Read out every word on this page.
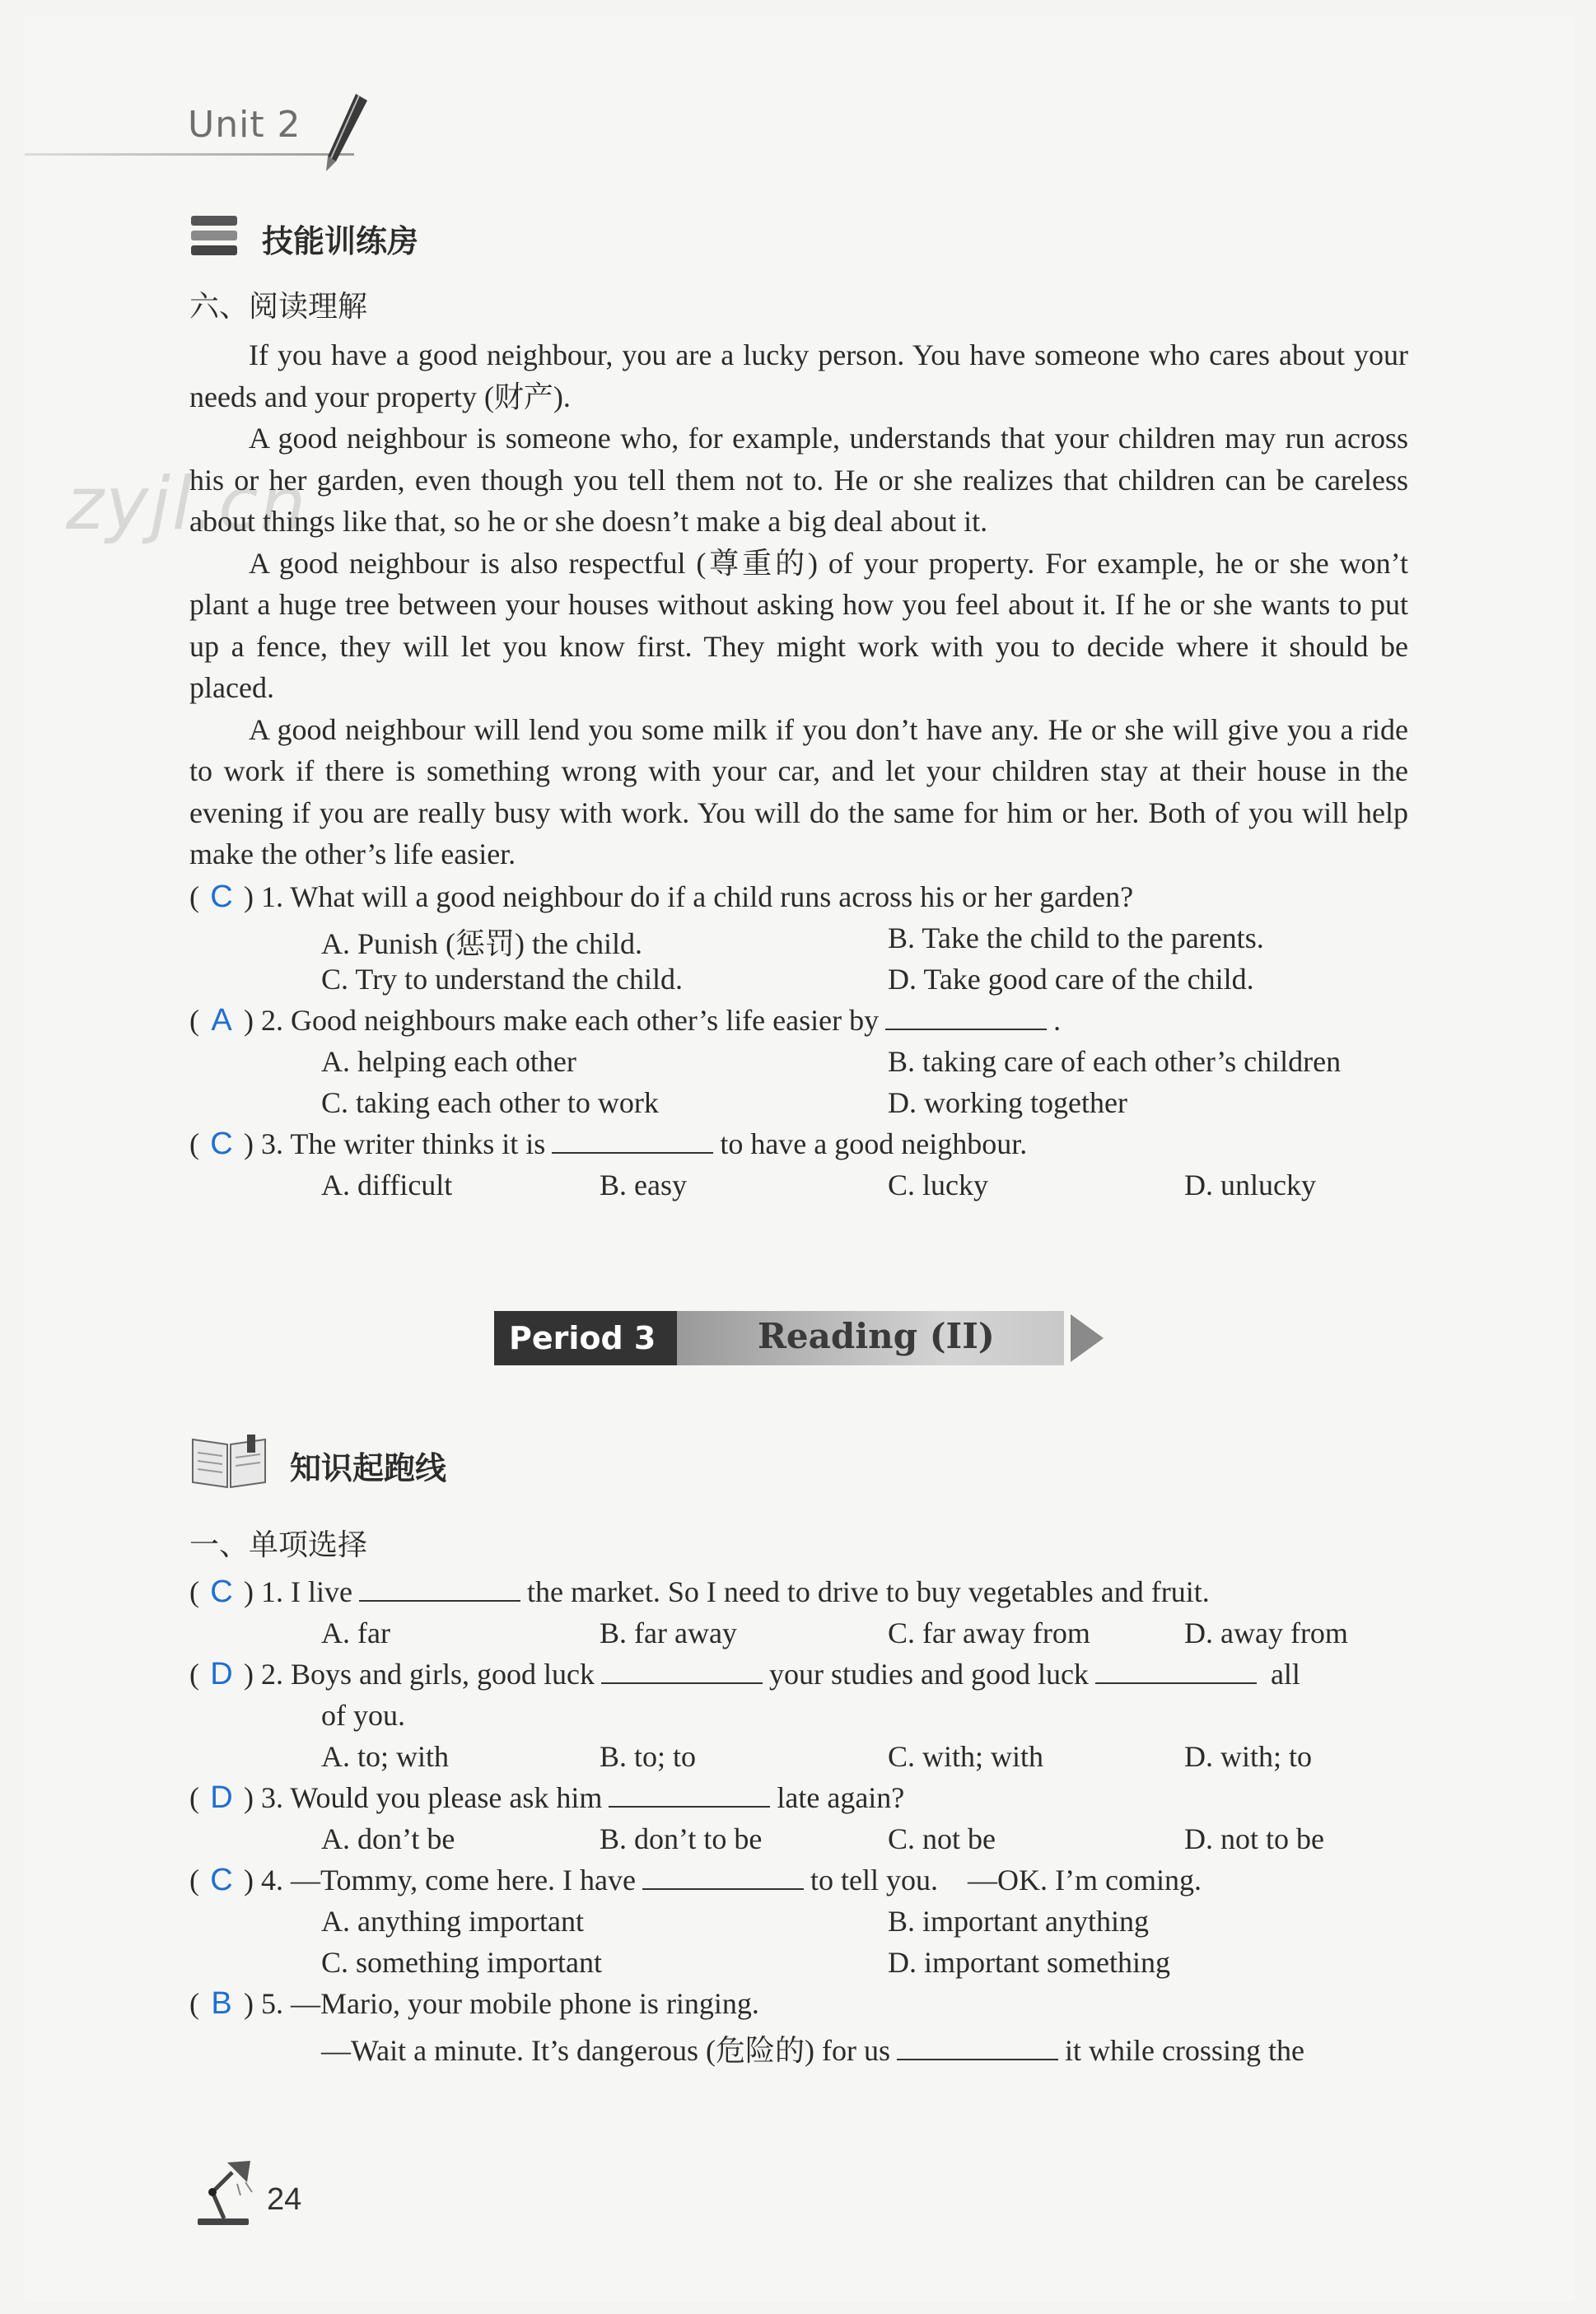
Unit 2
zyjl.cn
技能训练房
六、阅读理解

If you have a good neighbour, you are a lucky person. You have someone who cares about your needs and your property (财产).

A good neighbour is someone who, for example, understands that your children may run across his or her garden, even though you tell them not to. He or she realizes that children can be careless about things like that, so he or she doesn’t make a big deal about it.

A good neighbour is also respectful (尊重的) of your property. For example, he or she won’t plant a huge tree between your houses without asking how you feel about it. If he or she wants to put up a fence, they will let you know first. They might work with you to decide where it should be placed.

A good neighbour will lend you some milk if you don’t have any. He or she will give you a ride to work if there is something wrong with your car, and let your children stay at their house in the evening if you are really busy with work. You will do the same for him or her. Both of you will help make the other’s life easier.

( C ) 1. What will a good neighbour do if a child runs across his or her garden?
A. Punish (惩罚) the child.	B. Take the child to the parents.
C. Try to understand the child.	D. Take good care of the child.
( A ) 2. Good neighbours make each other’s life easier by	.
A. helping each other	B. taking care of each other’s children
C. taking each other to work	D. working together
( C ) 3. The writer thinks it is	to have a good neighbour.
A. difficult	B. easy	C. lucky	D. unlucky
Period 3	Reading (II)
知识起跑线
一、单项选择
( C ) 1. I live	the market. So I need to drive to buy vegetables and fruit.
A. far	B. far away	C. far away from	D. away from
( D ) 2. Boys and girls, good luck	your studies and good luck	all
of you.
A. to; with	B. to; to	C. with; with	D. with; to
( D ) 3. Would you please ask him	late again?
A. don’t be	B. don’t to be	C. not be	D. not to be
( C ) 4. —Tommy, come here. I have	to tell you. —OK. I’m coming.
A. anything important	B. important anything
C. something important	D. important something
( B ) 5. —Mario, your mobile phone is ringing.
—Wait a minute. It’s dangerous (危险的) for us	it while crossing the
24
